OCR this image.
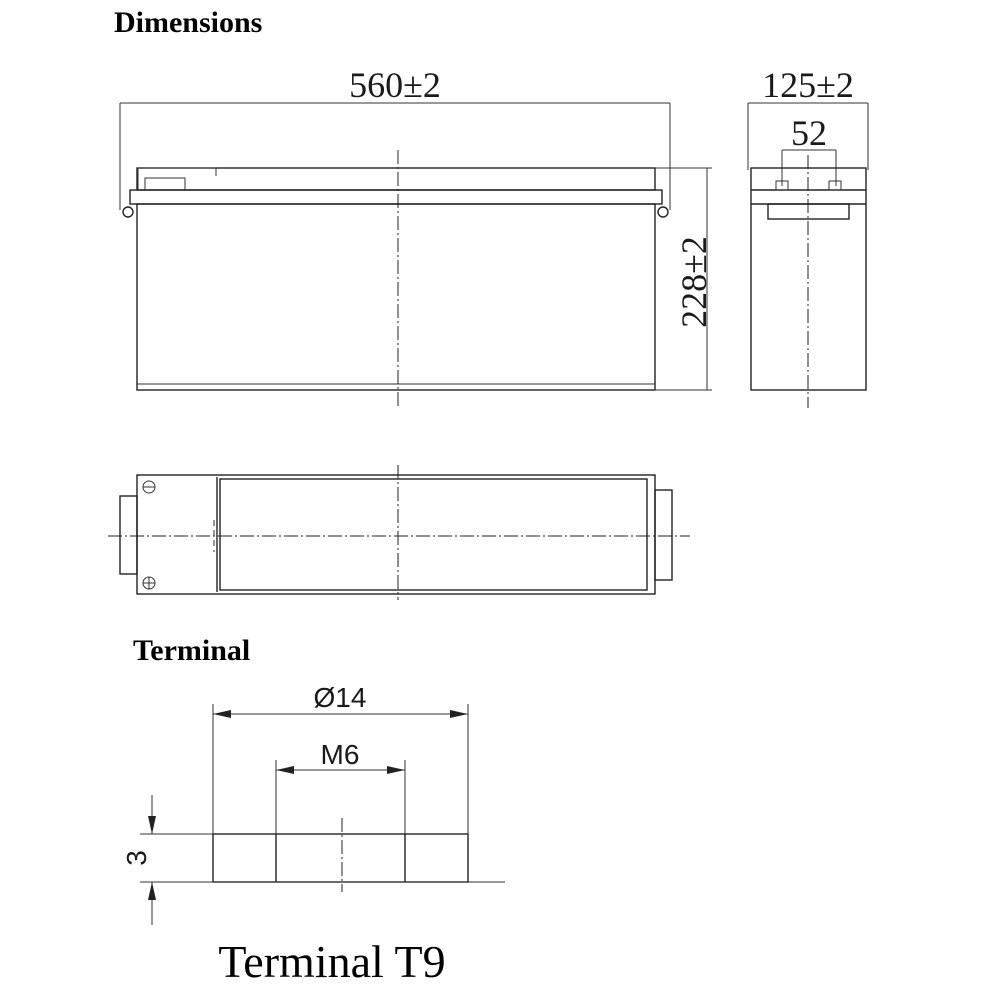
Dimensions
Terminal
560±2
228±2
125±2
52
Ø14
M6
3
Terminal T9
